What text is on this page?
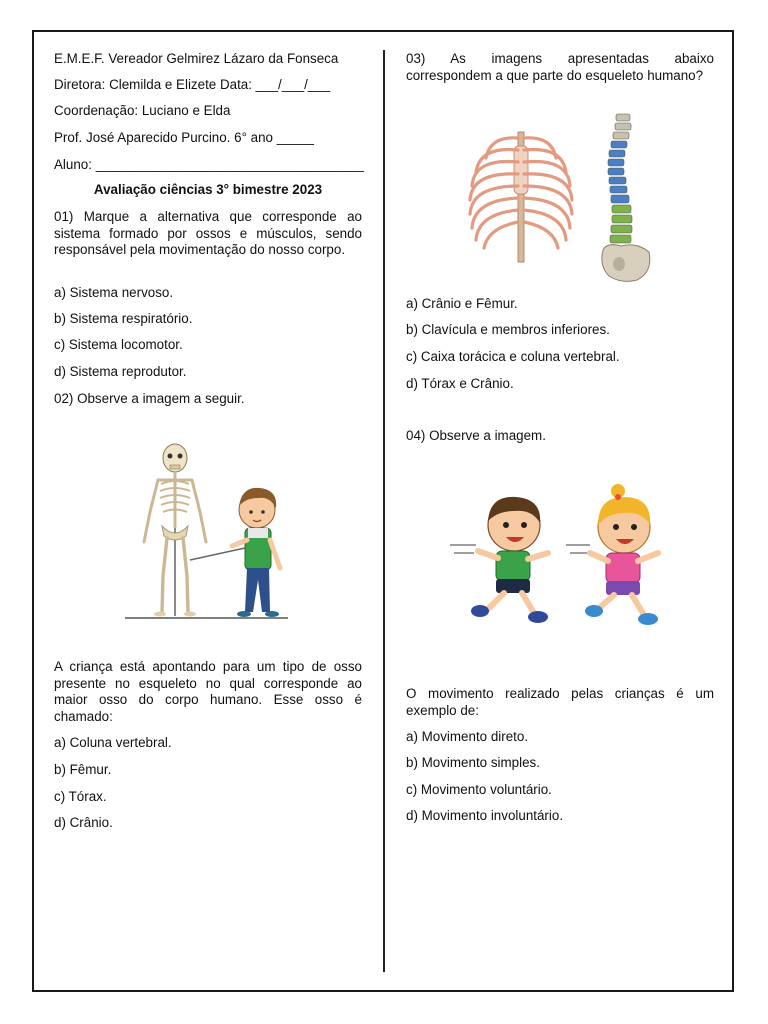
E.M.E.F. Vereador Gelmirez Lázaro da Fonseca
Diretora: Clemilda e Elizete Data: ___/___/___
Coordenação: Luciano e Elda
Prof. José Aparecido Purcino. 6° ano _____
Aluno: ____________________________________
Avaliação ciências 3° bimestre 2023
01) Marque a alternativa que corresponde ao sistema formado por ossos e músculos, sendo responsável pela movimentação do nosso corpo.
a) Sistema nervoso.
b) Sistema respiratório.
c) Sistema locomotor.
d) Sistema reprodutor.
02) Observe a imagem a seguir.
A criança está apontando para um tipo de osso presente no esqueleto no qual corresponde ao maior osso do corpo humano. Esse osso é chamado:
a) Coluna vertebral.
b) Fêmur.
c) Tórax.
d) Crânio.
03) As imagens apresentadas abaixo correspondem a que parte do esqueleto humano?
a) Crânio e Fêmur.
b) Clavícula e membros inferiores.
c) Caixa torácica e coluna vertebral.
d) Tórax e Crânio.
04) Observe a imagem.
O movimento realizado pelas crianças é um exemplo de:
a) Movimento direto.
b) Movimento simples.
c) Movimento voluntário.
d) Movimento involuntário.
